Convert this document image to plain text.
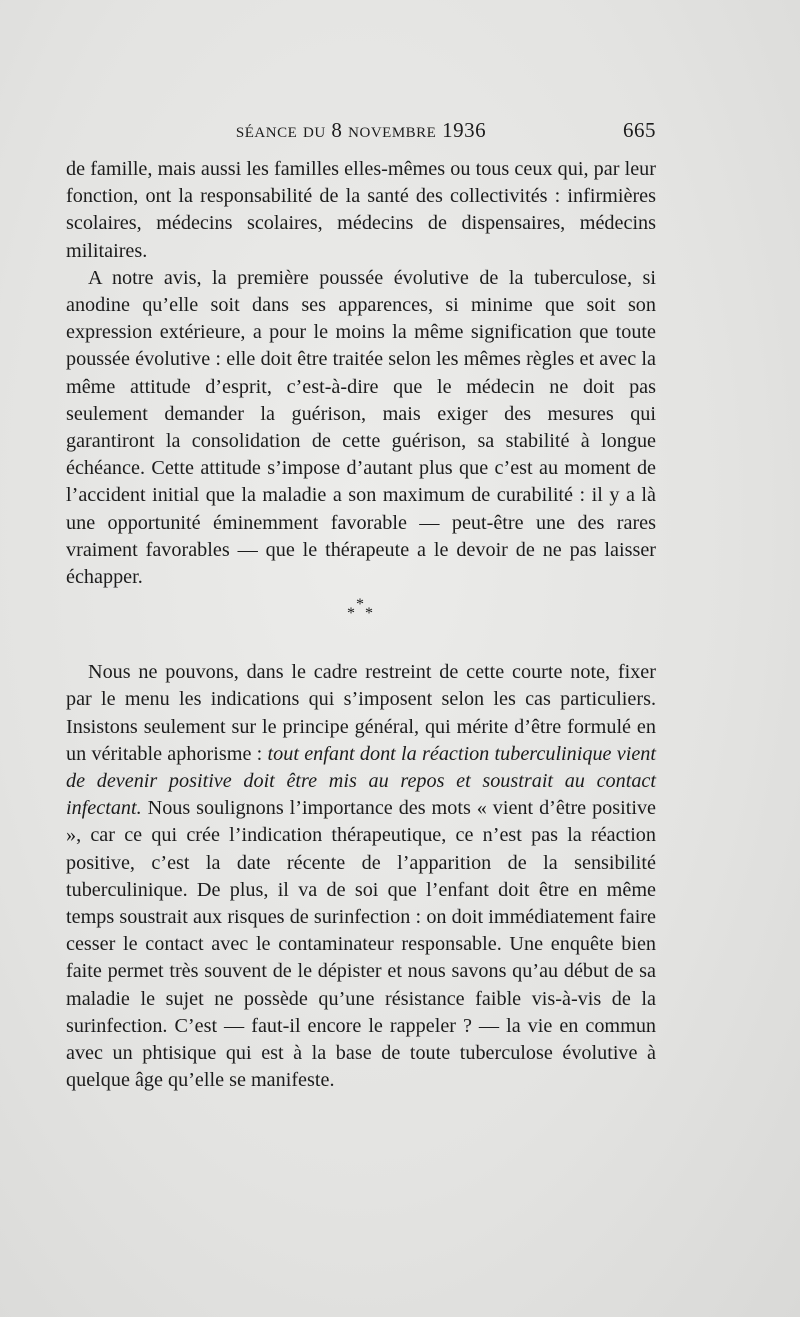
séance du 8 novembre 1936	665

de famille, mais aussi les familles elles-mêmes ou tous ceux qui, par leur fonction, ont la responsabilité de la santé des collectivités : infirmières scolaires, médecins scolaires, médecins de dispensaires, médecins militaires.

A notre avis, la première poussée évolutive de la tuberculose, si anodine qu’elle soit dans ses apparences, si minime que soit son expression extérieure, a pour le moins la même signification que toute poussée évolutive : elle doit être traitée selon les mêmes règles et avec la même attitude d’esprit, c’est-à-dire que le médecin ne doit pas seulement demander la guérison, mais exiger des mesures qui garantiront la consolidation de cette guérison, sa stabilité à longue échéance. Cette attitude s’impose d’autant plus que c’est au moment de l’accident initial que la maladie a son maximum de curabilité : il y a là une opportunité éminemment favorable — peut-être une des rares vraiment favorables — que le thérapeute a le devoir de ne pas laisser échapper.

*
* *

Nous ne pouvons, dans le cadre restreint de cette courte note, fixer par le menu les indications qui s’imposent selon les cas particuliers. Insistons seulement sur le principe général, qui mérite d’être formulé en un véritable aphorisme : tout enfant dont la réaction tuberculinique vient de devenir positive doit être mis au repos et soustrait au contact infectant. Nous soulignons l’importance des mots « vient d’être positive », car ce qui crée l’indication thérapeutique, ce n’est pas la réaction positive, c’est la date récente de l’apparition de la sensibilité tuberculinique. De plus, il va de soi que l’enfant doit être en même temps soustrait aux risques de surinfection : on doit immédiatement faire cesser le contact avec le contaminateur responsable. Une enquête bien faite permet très souvent de le dépister et nous savons qu’au début de sa maladie le sujet ne possède qu’une résistance faible vis-à-vis de la surinfection. C’est — faut-il encore le rappeler ? — la vie en commun avec un phtisique qui est à la base de toute tuberculose évolutive à quelque âge qu’elle se manifeste.
